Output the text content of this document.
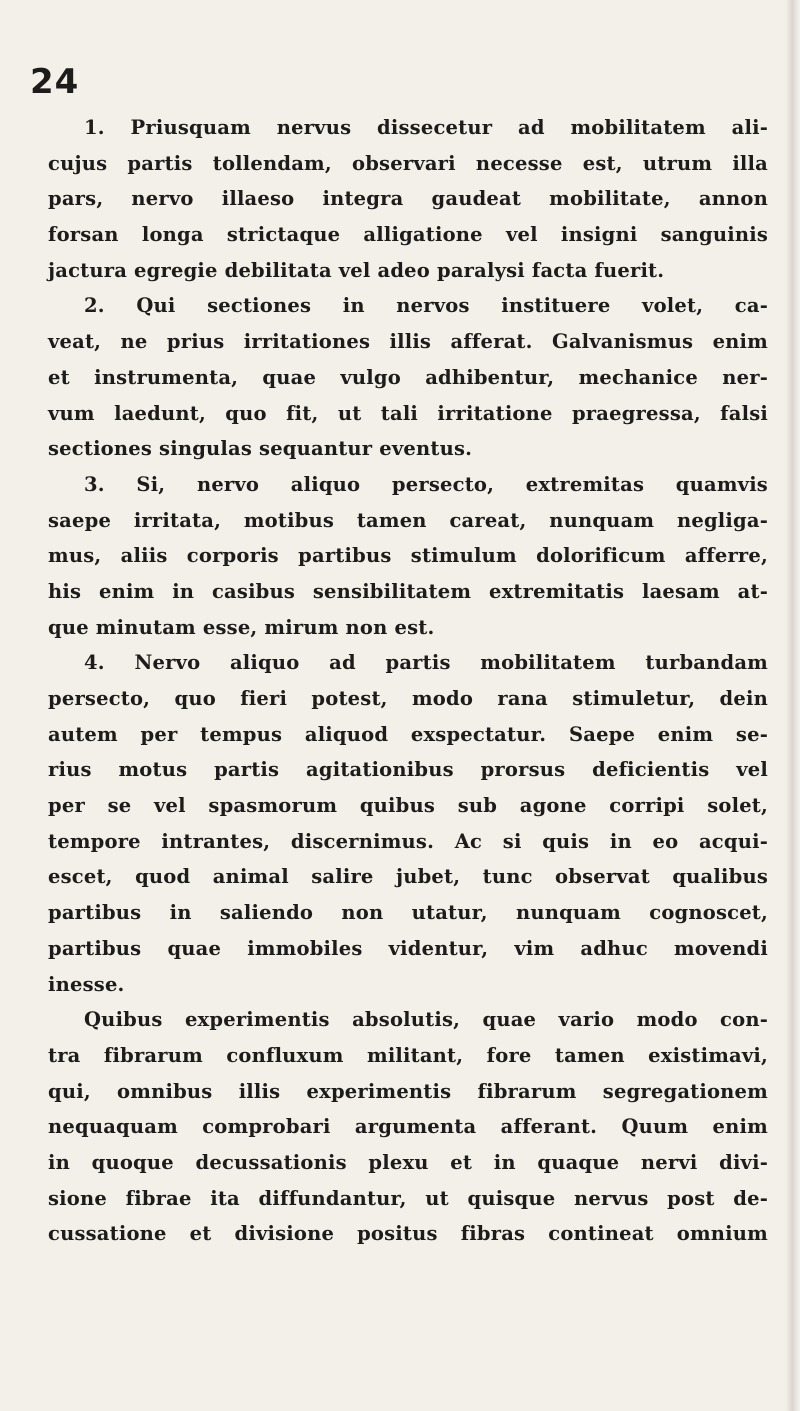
24
1. Priusquam nervus dissecetur ad mobilitatem ali-
cujus partis tollendam, observari necesse est, utrum illa
pars, nervo illaeso integra gaudeat mobilitate, annon
forsan longa strictaque alligatione vel insigni sanguinis
jactura egregie debilitata vel adeo paralysi facta fuerit.
2. Qui sectiones in nervos instituere volet, ca-
veat, ne prius irritationes illis afferat. Galvanismus enim
et instrumenta, quae vulgo adhibentur, mechanice ner-
vum laedunt, quo fit, ut tali irritatione praegressa, falsi
sectiones singulas sequantur eventus.
3. Si, nervo aliquo persecto, extremitas quamvis
saepe irritata, motibus tamen careat, nunquam negliga-
mus, aliis corporis partibus stimulum dolorificum afferre,
his enim in casibus sensibilitatem extremitatis laesam at-
que minutam esse, mirum non est.
4. Nervo aliquo ad partis mobilitatem turbandam
persecto, quo fieri potest, modo rana stimuletur, dein
autem per tempus aliquod exspectatur. Saepe enim se-
rius motus partis agitationibus prorsus deficientis vel
per se vel spasmorum quibus sub agone corripi solet,
tempore intrantes, discernimus. Ac si quis in eo acqui-
escet, quod animal salire jubet, tunc observat qualibus
partibus in saliendo non utatur, nunquam cognoscet,
partibus quae immobiles videntur, vim adhuc movendi
inesse.
Quibus experimentis absolutis, quae vario modo con-
tra fibrarum confluxum militant, fore tamen existimavi,
qui, omnibus illis experimentis fibrarum segregationem
nequaquam comprobari argumenta afferant. Quum enim
in quoque decussationis plexu et in quaque nervi divi-
sione fibrae ita diffundantur, ut quisque nervus post de-
cussatione et divisione positus fibras contineat omnium
